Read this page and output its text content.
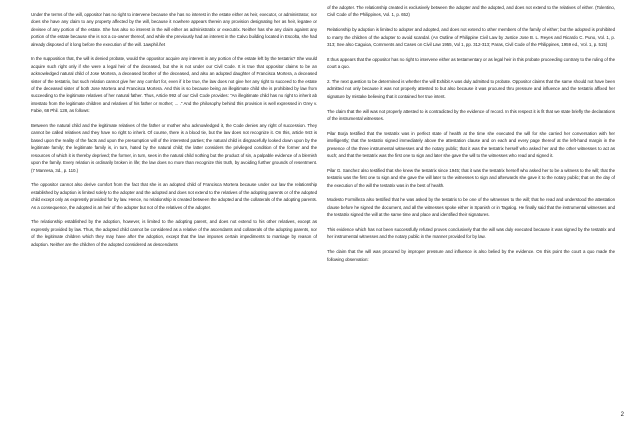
Under the terms of the will, oppositor has no right to intervene because she has no interest in the estate either as heir, executor, or administrator, nor does she have any claim to any property affected by the will, because it nowhere appears therein any provision designating her as heir, legatee or devisee of any portion of the estate. She has also no interest in the will either as administratrix or executrix. Neither has she any claim against any portion of the estate because she is not a co-owner thereof, and while she previously had an interest in the Calvo building located in Escolta, she had already disposed of it long before the execution of the will. 1awphil.ñet

In the supposition that, the will is denied probate, would the oppositor acquire any interest in any portion of the estate left by the testatrix? She would acquire such right only if she were a legal heir of the deceased, but she is not under our Civil Code. It is true that oppositor claims to be an acknowledged natural child of Jose Mortera, a deceased brother of the deceased, and also an adopted daughter of Francisca Mortera, a deceased sister of the testatrix, but such relation cannot give her any comfort for, even if it be true, the law does not give her any right to succeed to the estate of the deceased sister of both Jose Mortera and Francisca Mortera. And this is so because being an illegitimate child she is prohibited by law from succeeding to the legitimate relatives of her natural father. Thus, Article 992 of our Civil Code provides: "An illegitimate child has no right to inherit ab intestato from the legitimate children and relatives of his father or mother; ... ." And the philosophy behind this provision is well expressed in Grey v. Fabie, 68 Phil. 128, as follows:

Between the natural child and the legitimate relatives of the father or mother who acknowledged it, the Code denies any right of succession. They cannot be called relatives and they have no right to inherit. Of course, there is a blood tie, but the law does not recognize it. On this, article 943 is based upon the reality of the facts and upon the presumption will of the interested parties; the natural child is disgracefully looked down upon by the legitimate family; the legitimate family is, in turn, hated by the natural child; the latter considers the privileged condition of the former and the resources of which it is thereby deprived; the former, in turn, sees in the natural child nothing but the product of sin, a palpable evidence of a blemish upon the family. Every relation is ordinarily broken in life; the law does no more than recognize this truth, by avoiding further grounds of resentment. (7 Manresa, 3d., p. 110.)

The oppositor cannot also derive comfort from the fact that she is an adopted child of Francisca Mortera because under our law the relationship established by adoption is limited solely to the adopter and the adopted and does not extend to the relatives of the adopting parents or of the adopted child except only as expressly provided for by law. Hence, no relationship is created between the adopted and the collaterals of the adopting parents. As a consequence, the adopted is an heir of the adopter but not of the relatives of the adopter.

The relationship established by the adoption, however, is limited to the adopting parent, and does not extend to his other relatives, except as expressly provided by law. Thus, the adopted child cannot be considered as a relative of the ascendants and collaterals of the adopting parents, nor of the legitimate children which they may have after the adoption, except that the law imposes certain impediments to marriage by reason of adoption. Neither are the children of the adopted considered as descendants

of the adopter. The relationship created is exclusively between the adopter and the adopted, and does not extend to the relatives of either. (Tolentino, Civil Code of the Philippines, Vol. 1, p. 652)

Relationship by adoption is limited to adopter and adopted, and does not extend to other members of the family of either; but the adopted is prohibited to marry the children of the adopter to avoid scandal. (An Outline of Philippine Civil Law by Justice Jose B. L. Reyes and Ricardo C. Puno, Vol. 1, p. 313; See also Caguioa, Comments and Cases on Civil Law 1955, Vol 1, pp. 312-313; Paras, Civil Code of the Philippines, 1959 ed., Vol. 1, p. 515)

It thus appears that the oppositor has no right to intervene either as testamentary or as legal heir in this probate proceeding contrary to the ruling of the court a quo.

2. The next question to be determined is whether the will Exhibit A was duly admitted to probate. Oppositor claims that the same should not have been admitted not only because it was not properly attested to but also because it was procured thru pressure and influence and the testatrix affixed her signature by mistake believing that it contained her true intent.

The claim that the will was not properly attested to is contradicted by the evidence of record. In this respect it is fit that we state briefly the declarations of the instrumental witnesses.

Pilar Borja testified that the testatrix was in perfect state of health at the time she executed the will for she carried her conversation with her intelligently; that the testatrix signed immediately above the attestation clause and on each and every page thereof at the left-hand margin in the presence of the three instrumental witnesses and the notary public; that it was the testatrix herself who asked her and the other witnesses to act as such; and that the testatrix was the first one to sign and later she gave the will to the witnesses who read and signed it.

Pilar G. Sanchez also testified that she knew the testatrix since 1945; that it was the testatrix herself who asked her to be a witness to the will; that the testatrix was the first one to sign and she gave the will later to the witnesses to sign and afterwards she gave it to the notary public; that on the day of the execution of the will the testatrix was in the best of health.

Modesto Formilleza also testified that he was asked by the testatrix to be one of the witnesses to the will; that he read and understood the attestation clause before he signed the document, and all the witnesses spoke either in Spanish or in Tagalog. He finally said that the instrumental witnesses and the testatrix signed the will at the same time and place and identified their signatures.

This evidence which has not been successfully refuted proves conclusively that the will was duly executed because it was signed by the testatrix and her instrumental witnesses and the notary public in the manner provided for by law.

The claim that the will was procured by improper pressure and influence is also belied by the evidence. On this point the court a quo made the following observation:

2
